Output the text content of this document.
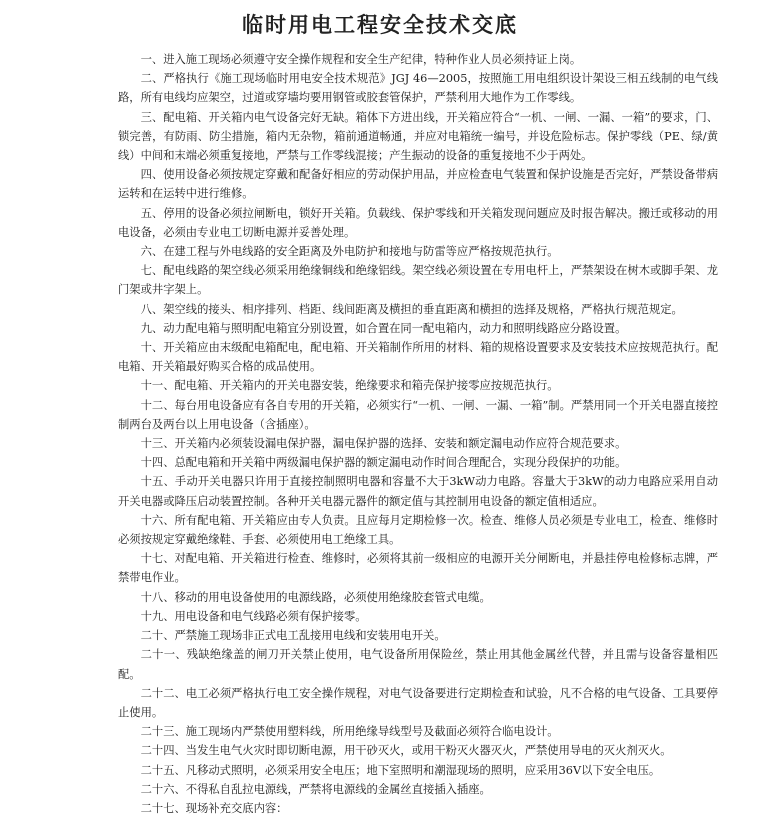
临时用电工程安全技术交底

一、进入施工现场必须遵守安全操作规程和安全生产纪律，特种作业人员必须持证上岗。

二、严格执行《施工现场临时用电安全技术规范》JGJ 46—2005，按照施工用电组织设计架设三相五线制的电气线路，所有电线均应架空，过道或穿墙均要用钢管或胶套管保护，严禁利用大地作为工作零线。

三、配电箱、开关箱内电气设备完好无缺。箱体下方进出线，开关箱应符合“一机、一闸、一漏、一箱”的要求，门、锁完善，有防雨、防尘措施，箱内无杂物，箱前通道畅通，并应对电箱统一编号，并设危险标志。保护零线（PE、绿/黄线）中间和末端必须重复接地，严禁与工作零线混接；产生振动的设备的重复接地不少于两处。

四、使用设备必须按规定穿戴和配备好相应的劳动保护用品，并应检查电气装置和保护设施是否完好，严禁设备带病运转和在运转中进行维修。

五、停用的设备必须拉闸断电，锁好开关箱。负载线、保护零线和开关箱发现问题应及时报告解决。搬迁或移动的用电设备，必须由专业电工切断电源并妥善处理。

六、在建工程与外电线路的安全距离及外电防护和接地与防雷等应严格按规范执行。

七、配电线路的架空线必须采用绝缘铜线和绝缘铝线。架空线必须设置在专用电杆上，严禁架设在树木或脚手架、龙门架或井字架上。

八、架空线的接头、相序排列、档距、线间距离及横担的垂直距离和横担的选择及规格，严格执行规范规定。

九、动力配电箱与照明配电箱宜分别设置，如合置在同一配电箱内，动力和照明线路应分路设置。

十、开关箱应由末级配电箱配电，配电箱、开关箱制作所用的材料、箱的规格设置要求及安装技术应按规范执行。配电箱、开关箱最好购买合格的成品使用。

十一、配电箱、开关箱内的开关电器安装，绝缘要求和箱壳保护接零应按规范执行。

十二、每台用电设备应有各自专用的开关箱，必须实行“一机、一闸、一漏、一箱”制。严禁用同一个开关电器直接控制两台及两台以上用电设备（含插座）。

十三、开关箱内必须装设漏电保护器，漏电保护器的选择、安装和额定漏电动作应符合规范要求。

十四、总配电箱和开关箱中两级漏电保护器的额定漏电动作时间合理配合，实现分段保护的功能。

十五、手动开关电器只许用于直接控制照明电器和容量不大于3kW动力电路。容量大于3kW的动力电路应采用自动开关电器或降压启动装置控制。各种开关电器元器件的额定值与其控制用电设备的额定值相适应。

十六、所有配电箱、开关箱应由专人负责。且应每月定期检修一次。检查、维修人员必须是专业电工，检查、维修时必须按规定穿戴绝缘鞋、手套、必须使用电工绝缘工具。

十七、对配电箱、开关箱进行检查、维修时，必须将其前一级相应的电源开关分闸断电，并悬挂停电检修标志牌，严禁带电作业。

十八、移动的用电设备使用的电源线路，必须使用绝缘胶套管式电缆。

十九、用电设备和电气线路必须有保护接零。

二十、严禁施工现场非正式电工乱接用电线和安装用电开关。

二十一、残缺绝缘盖的闸刀开关禁止使用，电气设备所用保险丝，禁止用其他金属丝代替，并且需与设备容量相匹配。

二十二、电工必须严格执行电工安全操作规程，对电气设备要进行定期检查和试验，凡不合格的电气设备、工具要停止使用。

二十三、施工现场内严禁使用塑料线，所用绝缘导线型号及截面必须符合临电设计。

二十四、当发生电气火灾时即切断电源，用干砂灭火，或用干粉灭火器灭火，严禁使用导电的灭火剂灭火。

二十五、凡移动式照明，必须采用安全电压；地下室照明和潮湿现场的照明，应采用36V以下安全电压。

二十六、不得私自乱拉电源线，严禁将电源线的金属丝直接插入插座。

二十七、现场补充交底内容：
